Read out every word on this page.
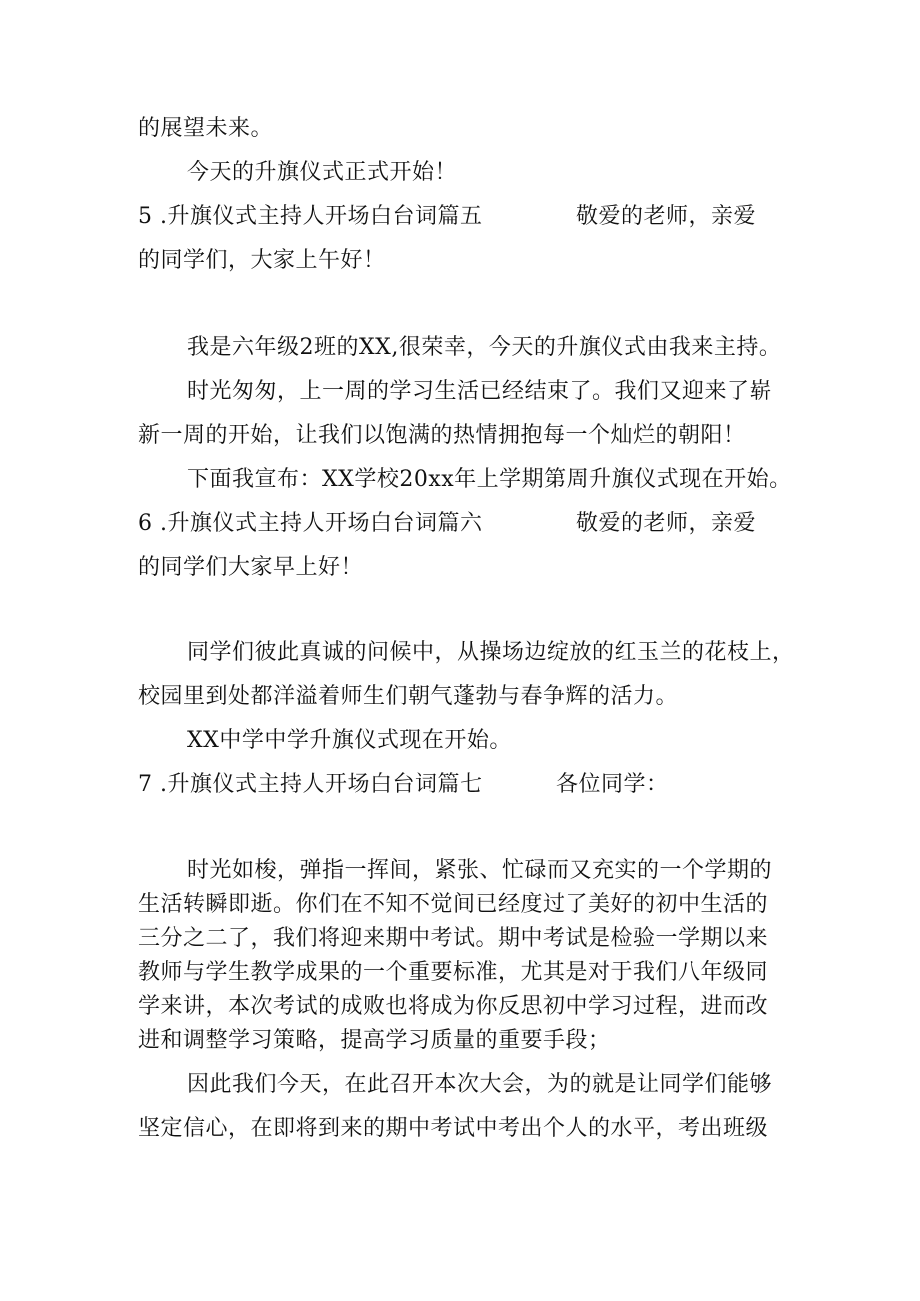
的展望未来。
今天的升旗仪式正式开始！
5 .升旗仪式主持人开场白台词篇五	敬爱的老师，亲爱
的同学们，大家上午好！
我是六年级2班的XX,很荣幸，今天的升旗仪式由我来主持。
时光匆匆，上一周的学习生活已经结束了。我们又迎来了崭
新一周的开始，让我们以饱满的热情拥抱每一个灿烂的朝阳！
下面我宣布：XX学校20xx年上学期第周升旗仪式现在开始。
6 .升旗仪式主持人开场白台词篇六	敬爱的老师，亲爱
的同学们大家早上好！
同学们彼此真诚的问候中，从操场边绽放的红玉兰的花枝上，
校园里到处都洋溢着师生们朝气蓬勃与春争辉的活力。
XX中学中学升旗仪式现在开始。
7 .升旗仪式主持人开场白台词篇七	各位同学：
时光如梭，弹指一挥间，紧张、忙碌而又充实的一个学期的
生活转瞬即逝。你们在不知不觉间已经度过了美好的初中生活的
三分之二了，我们将迎来期中考试。期中考试是检验一学期以来
教师与学生教学成果的一个重要标准，尤其是对于我们八年级同
学来讲，本次考试的成败也将成为你反思初中学习过程，进而改
进和调整学习策略，提高学习质量的重要手段；
因此我们今天，在此召开本次大会，为的就是让同学们能够
坚定信心，在即将到来的期中考试中考出个人的水平，考出班级
